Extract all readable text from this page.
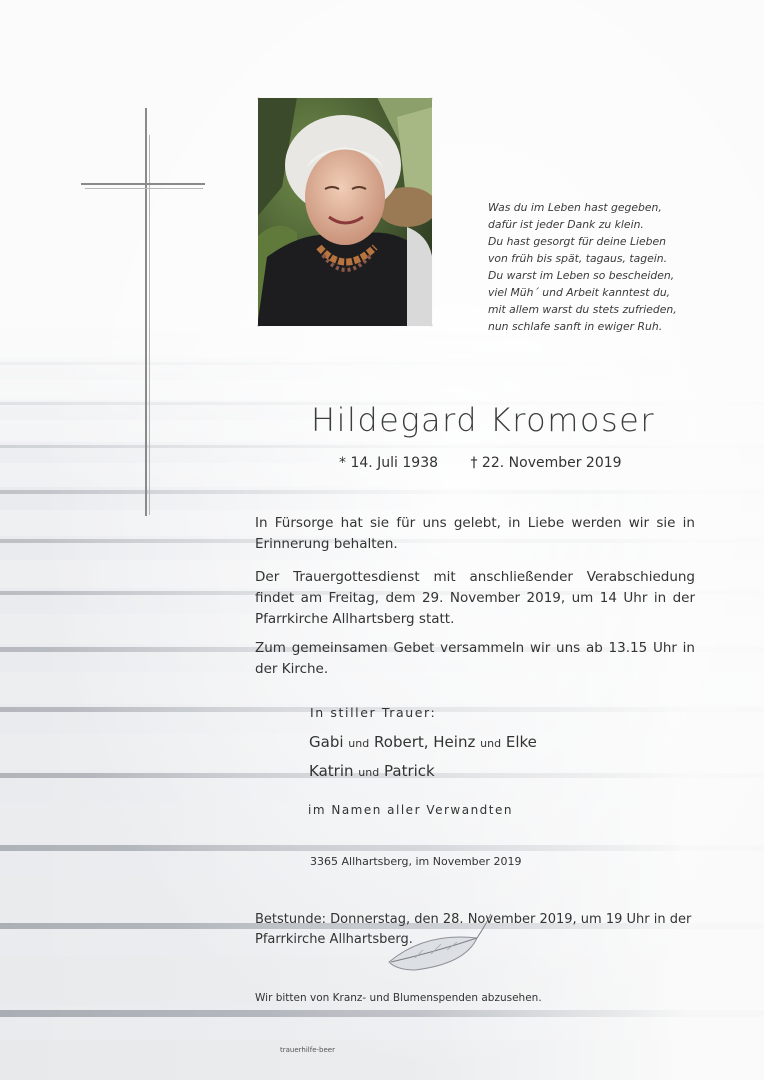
Was du im Leben hast gegeben,
dafür ist jeder Dank zu klein.
Du hast gesorgt für deine Lieben
von früh bis spät, tagaus, tagein.
Du warst im Leben so bescheiden,
viel Müh´ und Arbeit kanntest du,
mit allem warst du stets zufrieden,
nun schlafe sanft in ewiger Ruh.
Hildegard Kromoser
* 14. Juli 1938 † 22. November 2019
In Fürsorge hat sie für uns gelebt, in Liebe werden wir sie in Erinnerung behalten.
Der Trauergottesdienst mit anschließender Verabschiedung findet am Freitag, dem 29. November 2019, um 14 Uhr in der Pfarrkirche Allhartsberg statt.
Zum gemeinsamen Gebet versammeln wir uns ab 13.15 Uhr in der Kirche.
In stiller Trauer:
Gabi und Robert, Heinz und Elke
Katrin und Patrick
im Namen aller Verwandten
3365 Allhartsberg, im November 2019
Betstunde: Donnerstag, den 28. November 2019, um 19 Uhr in der Pfarrkirche Allhartsberg.
Wir bitten von Kranz- und Blumenspenden abzusehen.
trauerhilfe-beer
